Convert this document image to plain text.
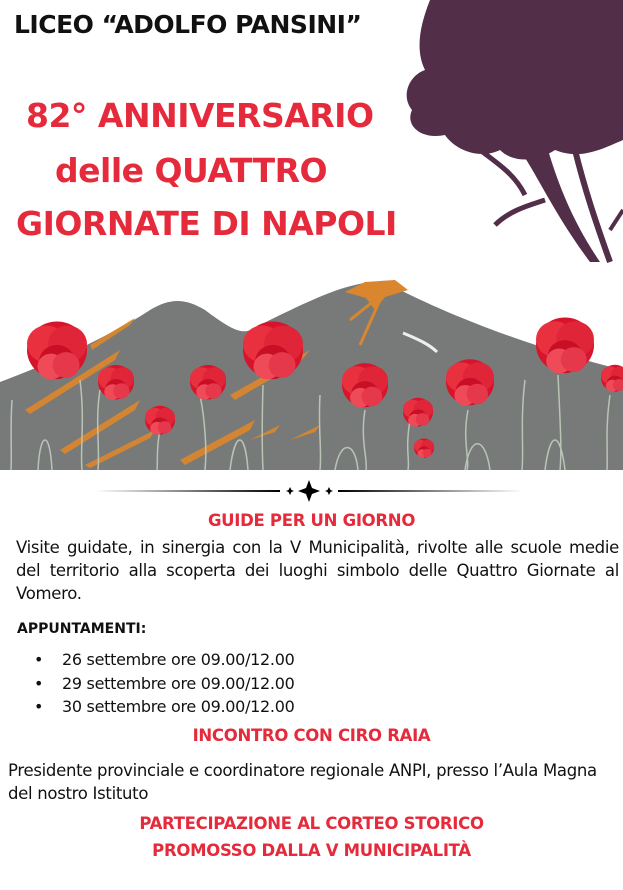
LICEO “ADOLFO PANSINI”
82° ANNIVERSARIO
delle QUATTRO
GIORNATE DI NAPOLI
GUIDE PER UN GIORNO
Visite guidate, in sinergia con la V Municipalità, rivolte alle scuole medie del territorio alla scoperta dei luoghi simbolo delle Quattro Giornate al Vomero.
APPUNTAMENTI:
• 26 settembre ore 09.00/12.00
• 29 settembre ore 09.00/12.00
• 30 settembre ore 09.00/12.00
INCONTRO CON CIRO RAIA
Presidente provinciale e coordinatore regionale ANPI, presso l’Aula Magna del nostro Istituto
PARTECIPAZIONE AL CORTEO STORICO
PROMOSSO DALLA V MUNICIPALITÀ
